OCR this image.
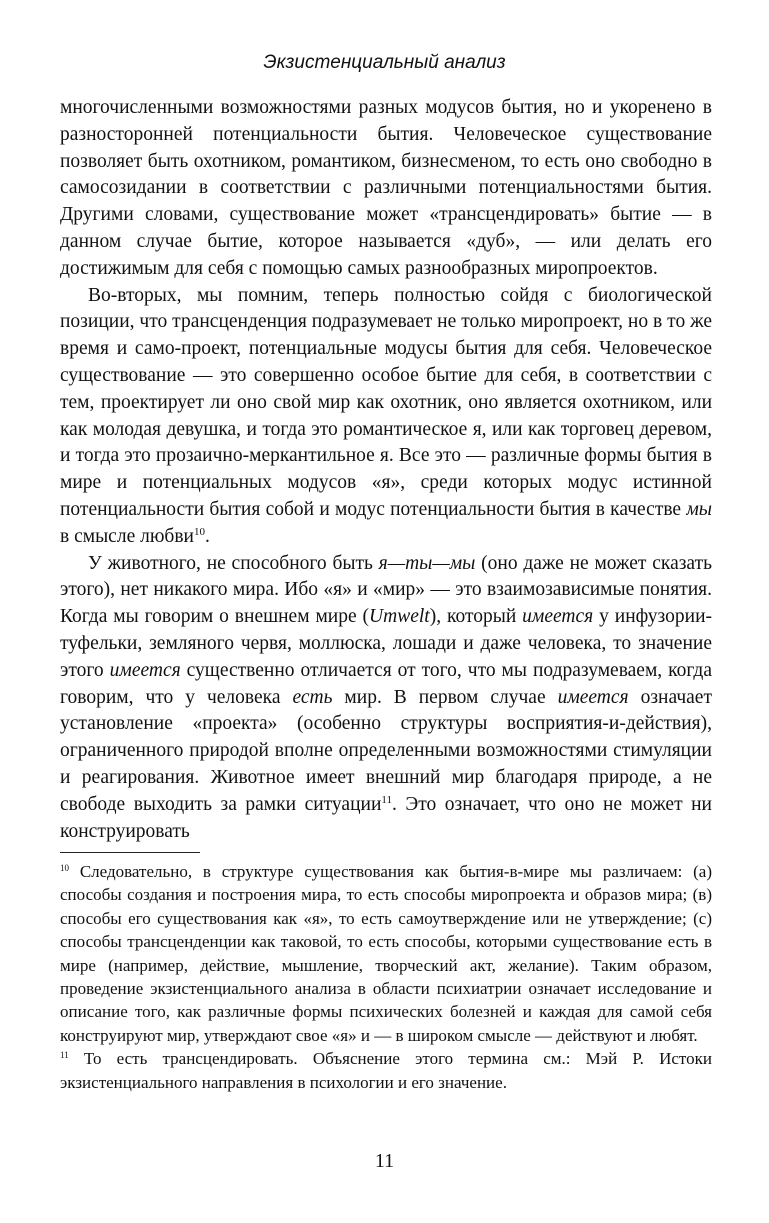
Экзистенциальный анализ

многочисленными возможностями разных модусов бытия, но и укоренено в разносторонней потенциальности бытия. Человеческое существование позволяет быть охотником, романтиком, бизнесменом, то есть оно свободно в самосозидании в соответствии с различными потенциальностями бытия. Другими словами, существование может «трансцендировать» бытие — в данном случае бытие, которое называется «дуб», — или делать его достижимым для себя с помощью самых разнообразных миропроектов.

Во-вторых, мы помним, теперь полностью сойдя с биологической позиции, что трансценденция подразумевает не только миропроект, но в то же время и само-проект, потенциальные модусы бытия для себя. Человеческое существование — это совершенно особое бытие для себя, в соответствии с тем, проектирует ли оно свой мир как охотник, оно является охотником, или как молодая девушка, и тогда это романтическое я, или как торговец деревом, и тогда это прозаично-меркантильное я. Все это — различные формы бытия в мире и потенциальных модусов «я», среди которых модус истинной потенциальности бытия собой и модус потенциальности бытия в качестве мы в смысле любви$^{10}$.

У животного, не способного быть я—ты—мы (оно даже не может сказать этого), нет никакого мира. Ибо «я» и «мир» — это взаимозависимые понятия. Когда мы говорим о внешнем мире (Umwelt), который имеется у инфузории-туфельки, земляного червя, моллюска, лошади и даже человека, то значение этого имеется существенно отличается от того, что мы подразумеваем, когда говорим, что у человека есть мир. В первом случае имеется означает установление «проекта» (особенно структуры восприятия-и-действия), ограниченного природой вполне определенными возможностями стимуляции и реагирования. Животное имеет внешний мир благодаря природе, а не свободе выходить за рамки ситуации$^{11}$. Это означает, что оно не может ни конструировать

$^{10}$ Следовательно, в структуре существования как бытия-в-мире мы различаем: (а) способы создания и построения мира, то есть способы миропроекта и образов мира; (в) способы его существования как «я», то есть самоутверждение или не утверждение; (с) способы трансценденции как таковой, то есть способы, которыми существование есть в мире (например, действие, мышление, творческий акт, желание). Таким образом, проведение экзистенциального анализа в области психиатрии означает исследование и описание того, как различные формы психических болезней и каждая для самой себя конструируют мир, утверждают свое «я» и — в широком смысле — действуют и любят.

$^{11}$ То есть трансцендировать. Объяснение этого термина см.: Мэй Р. Истоки экзистенциального направления в психологии и его значение.

11
